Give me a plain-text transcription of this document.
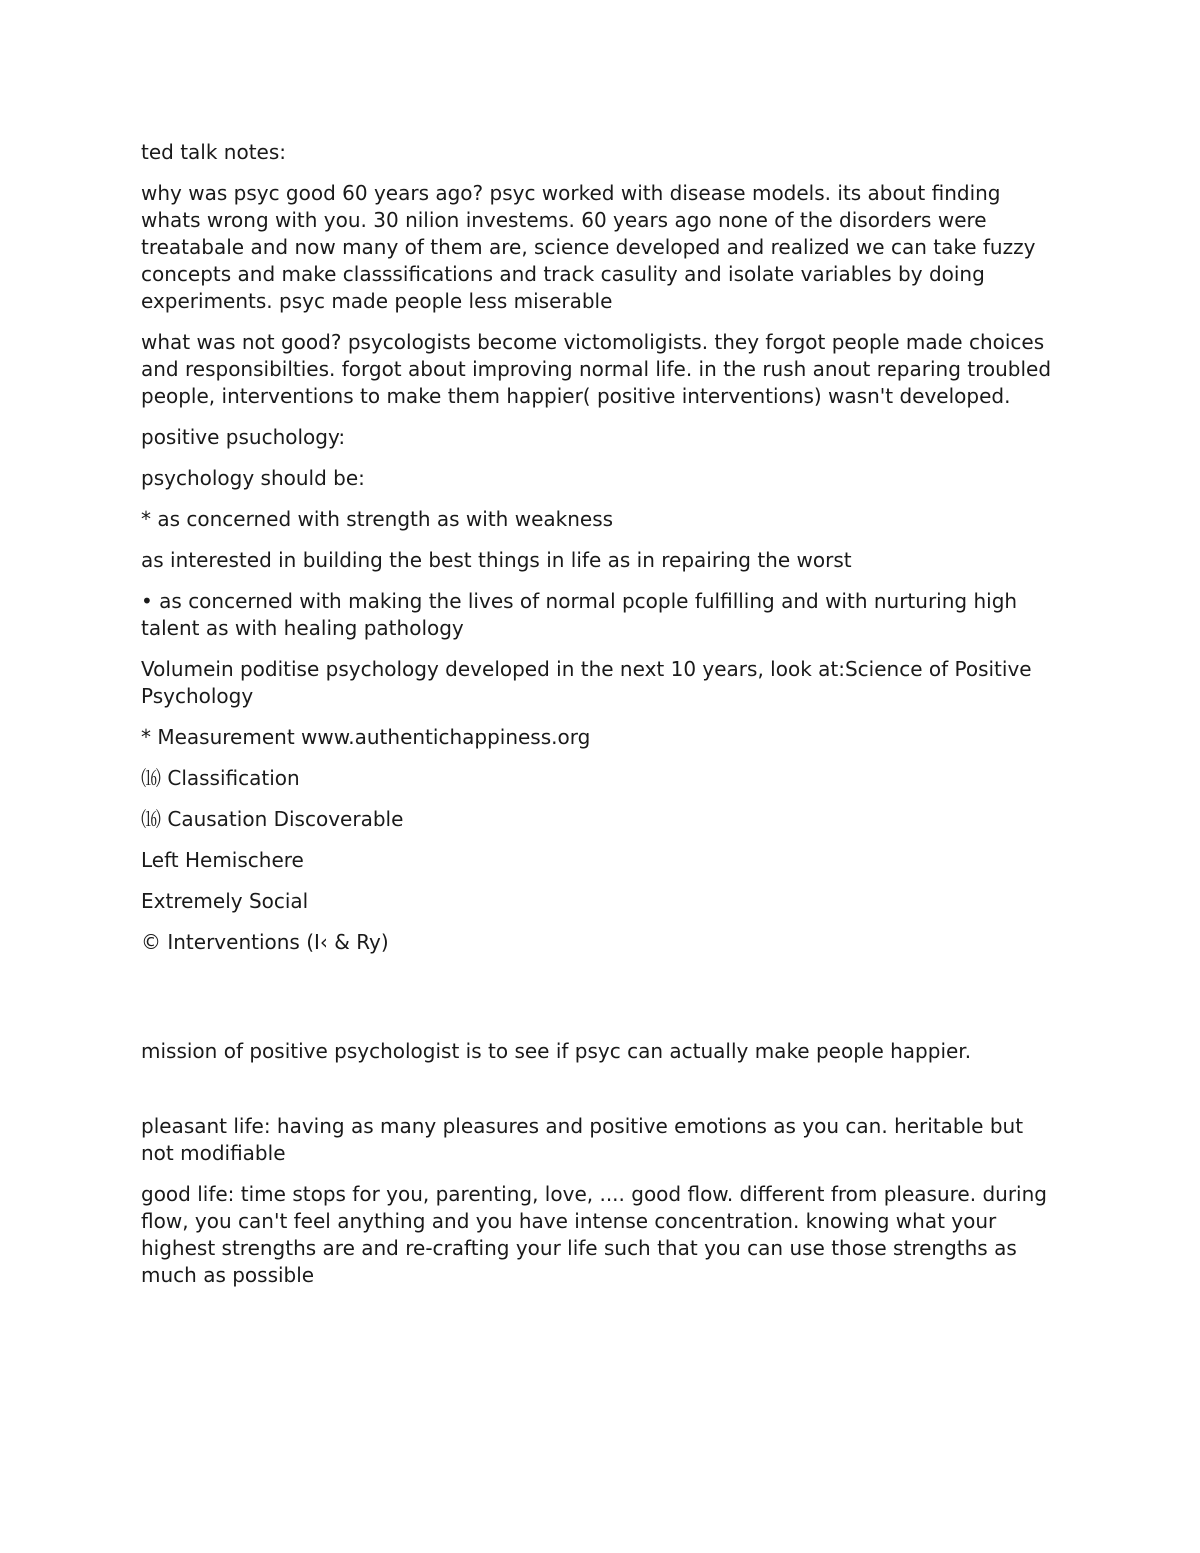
ted talk notes:

why was psyc good 60 years ago? psyc worked with disease models. its about finding whats wrong with you. 30 nilion investems. 60 years ago none of the disorders were treatabale and now many of them are, science developed and realized we can take fuzzy concepts and make classsifications and track casulity and isolate variables by doing experiments. psyc made people less miserable

what was not good? psycologists become victomoligists. they forgot people made choices and responsibilties. forgot about improving normal life. in the rush anout reparing troubled people, interventions to make them happier( positive interventions) wasn't developed.

positive psuchology:

psychology should be:

* as concerned with strength as with weakness

as interested in building the best things in life as in repairing the worst

• as concerned with making the lives of normal pcople fulfilling and with nurturing high talent as with healing pathology

Volumein poditise psychology developed in the next 10 years, look at:Science of Positive Psychology

* Measurement www.authentichappiness.org

⒃ Classification

⒃ Causation Discoverable

Left Hemischere

Extremely Social

© Interventions (I‹ & Ry)

mission of positive psychologist is to see if psyc can actually make people happier.

pleasant life: having as many pleasures and positive emotions as you can. heritable but not modifiable

good life: time stops for you, parenting, love, .... good flow. different from pleasure. during flow, you can't feel anything and you have intense concentration. knowing what your highest strengths are and re-crafting your life such that you can use those strengths as much as possible
